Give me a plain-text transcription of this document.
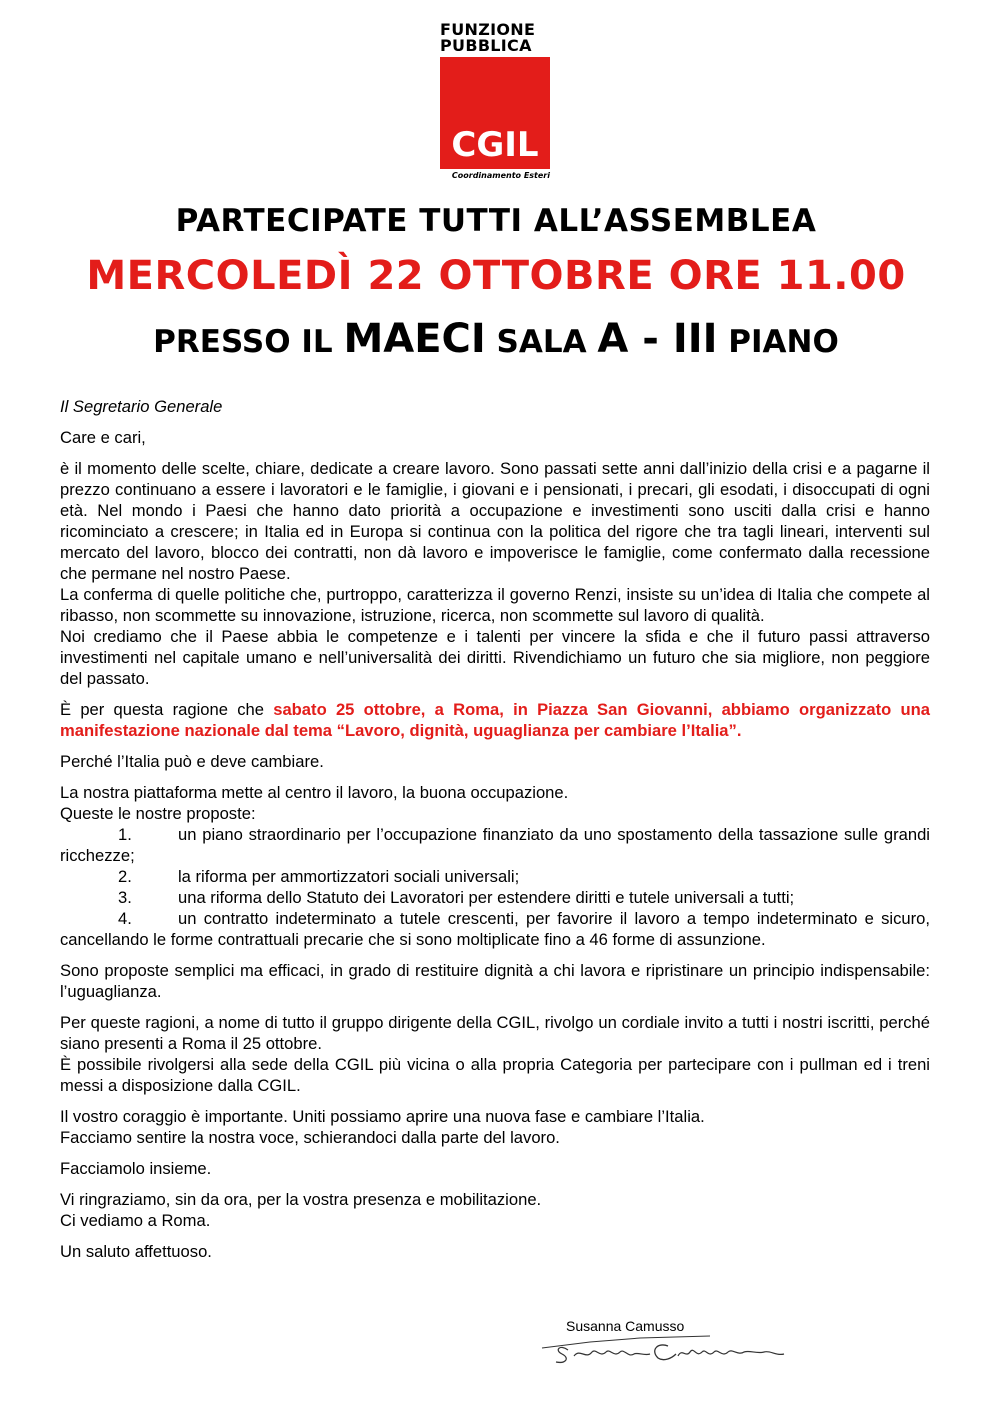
FUNZIONE
PUBBLICA
CGIL
Coordinamento Esteri
PARTECIPATE TUTTI ALL’ASSEMBLEA
MERCOLEDÌ 22 OTTOBRE ORE 11.00
PRESSO IL MAECI SALA A - III PIANO

Il Segretario Generale

Care e cari,

è il momento delle scelte, chiare, dedicate a creare lavoro. Sono passati sette anni dall’inizio della crisi e a pagarne il prezzo continuano a essere i lavoratori e le famiglie, i giovani e i pensionati, i precari, gli esodati, i disoccupati di ogni età. Nel mondo i Paesi che hanno dato priorità a occupazione e investimenti sono usciti dalla crisi e hanno ricominciato a crescere; in Italia ed in Europa si continua con la politica del rigore che tra tagli lineari, interventi sul mercato del lavoro, blocco dei contratti, non dà lavoro e impoverisce le famiglie, come confermato dalla recessione che permane nel nostro Paese.

La conferma di quelle politiche che, purtroppo, caratterizza il governo Renzi, insiste su un’idea di Italia che compete al ribasso, non scommette su innovazione, istruzione, ricerca, non scommette sul lavoro di qualità.

Noi crediamo che il Paese abbia le competenze e i talenti per vincere la sfida e che il futuro passi attraverso investimenti nel capitale umano e nell’universalità dei diritti. Rivendichiamo un futuro che sia migliore, non peggiore del passato.

È per questa ragione che sabato 25 ottobre, a Roma, in Piazza San Giovanni, abbiamo organizzato una manifestazione nazionale dal tema “Lavoro, dignità, uguaglianza per cambiare l’Italia”.

Perché l’Italia può e deve cambiare.

La nostra piattaforma mette al centro il lavoro, la buona occupazione.

Queste le nostre proposte:

1.	un piano straordinario per l’occupazione finanziato da uno spostamento della tassazione sulle grandi ricchezze;
2.	la riforma per ammortizzatori sociali universali;
3.	una riforma dello Statuto dei Lavoratori per estendere diritti e tutele universali a tutti;
4.	un contratto indeterminato a tutele crescenti, per favorire il lavoro a tempo indeterminato e sicuro, cancellando le forme contrattuali precarie che si sono moltiplicate fino a 46 forme di assunzione.

Sono proposte semplici ma efficaci, in grado di restituire dignità a chi lavora e ripristinare un principio indispensabile: l’uguaglianza.

Per queste ragioni, a nome di tutto il gruppo dirigente della CGIL, rivolgo un cordiale invito a tutti i nostri iscritti, perché siano presenti a Roma il 25 ottobre.

È possibile rivolgersi alla sede della CGIL più vicina o alla propria Categoria per partecipare con i pullman ed i treni messi a disposizione dalla CGIL.

Il vostro coraggio è importante. Uniti possiamo aprire una nuova fase e cambiare l’Italia.

Facciamo sentire la nostra voce, schierandoci dalla parte del lavoro.

Facciamolo insieme.

Vi ringraziamo, sin da ora, per la vostra presenza e mobilitazione.

Ci vediamo a Roma.

Un saluto affettuoso.

Susanna Camusso
